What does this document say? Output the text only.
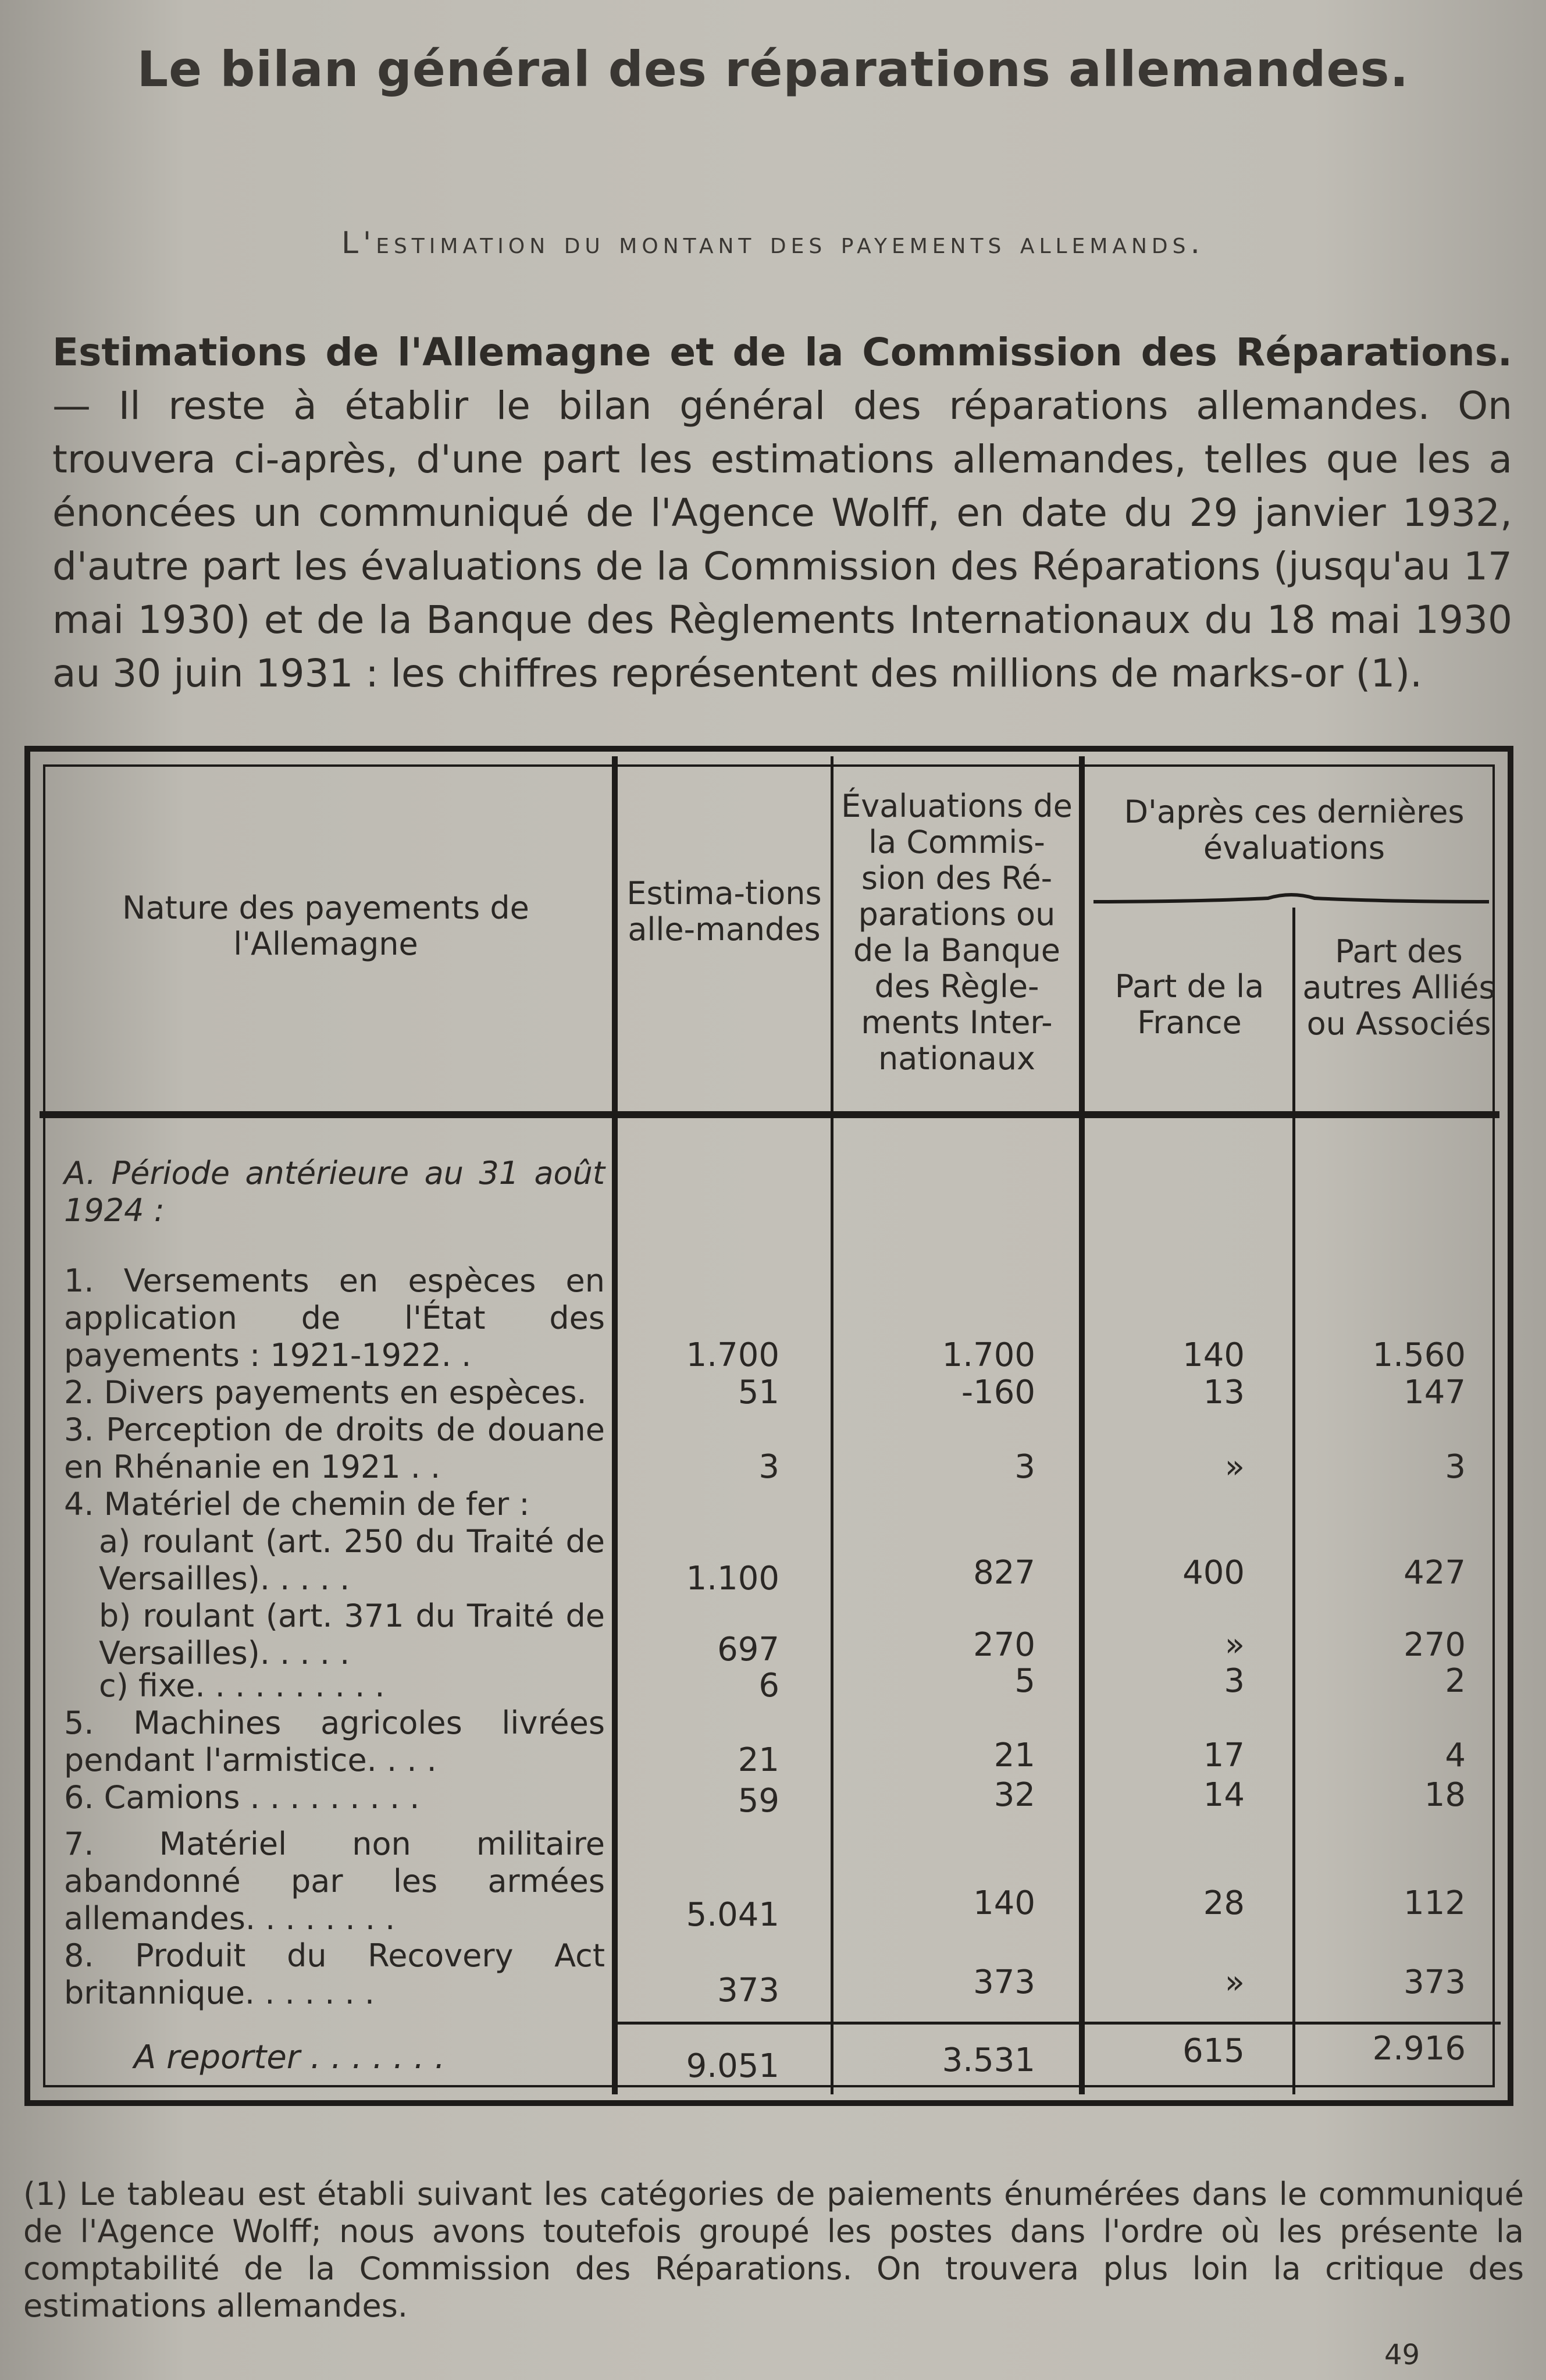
Le bilan général des réparations allemandes.
L'estimation du montant des payements allemands.
Estimations de l'Allemagne et de la Commission des Réparations. — Il reste à établir le bilan général des réparations allemandes. On trouvera ci-après, d'une part les estimations allemandes, telles que les a énoncées un communiqué de l'Agence Wolff, en date du 29 janvier 1932, d'autre part les évaluations de la Commission des Réparations (jusqu'au 17 mai 1930) et de la Banque des Règlements Internationaux du 18 mai 1930 au 30 juin 1931 : les chiffres représentent des millions de marks-or (1).
Nature des payements de l'Allemagne
Estima-tions alle-mandes
Évaluations de la Commis-sion des Ré-parations ou de la Banque des Règle-ments Inter-nationaux
D'après ces dernières évaluations
Part de la France
Part des autres Alliés ou Associés
A. Période antérieure au 31 août 1924 :
1. Versements en espèces en application de l'État des payements : 1921-1922. .	1.700	1.700	140	1.560
2. Divers payements en espèces.	51	-160	13	147
3. Perception de droits de douane en Rhénanie en 1921 . .	3	3	»	3
4. Matériel de chemin de fer :
a) roulant (art. 250 du Traité de Versailles). . . . .	1.100	827	400	427
b) roulant (art. 371 du Traité de Versailles). . . . .	697	270	»	270
c) fixe. . . . . . . . . .	6	5	3	2
5. Machines agricoles livrées pendant l'armistice. . . .	21	21	17	4
6. Camions . . . . . . . . .	59	32	14	18
7. Matériel non militaire abandonné par les armées allemandes. . . . . . . .	5.041	140	28	112
8. Produit du Recovery Act britannique. . . . . . .	373	373	»	373
A reporter . . . . . . .	9.051	3.531	615	2.916
(1) Le tableau est établi suivant les catégories de paiements énumérées dans le communiqué de l'Agence Wolff; nous avons toutefois groupé les postes dans l'ordre où les présente la comptabilité de la Commission des Réparations. On trouvera plus loin la critique des estimations allemandes.
49
